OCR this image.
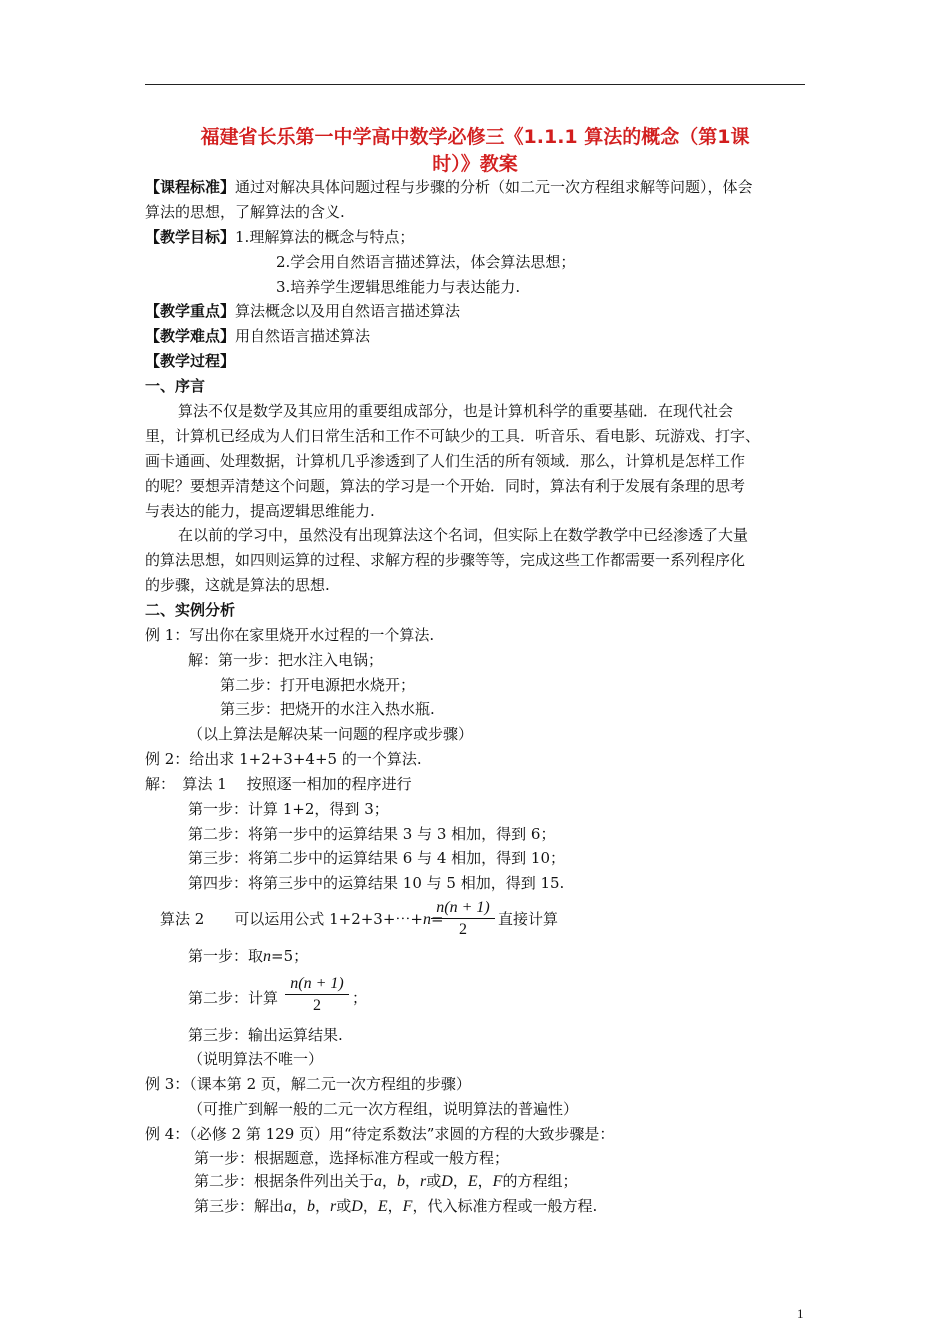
福建省长乐第一中学高中数学必修三《1.1.1 算法的概念（第1课
时）》教案
【课程标准】通过对解决具体问题过程与步骤的分析（如二元一次方程组求解等问题），体会
算法的思想，了解算法的含义.
【教学目标】1.理解算法的概念与特点；
2.学会用自然语言描述算法，体会算法思想；
3.培养学生逻辑思维能力与表达能力.
【教学重点】算法概念以及用自然语言描述算法
【教学难点】用自然语言描述算法
【教学过程】
一、序言
算法不仅是数学及其应用的重要组成部分，也是计算机科学的重要基础．在现代社会
里，计算机已经成为人们日常生活和工作不可缺少的工具．听音乐、看电影、玩游戏、打字、
画卡通画、处理数据，计算机几乎渗透到了人们生活的所有领域．那么，计算机是怎样工作
的呢？要想弄清楚这个问题，算法的学习是一个开始．同时，算法有利于发展有条理的思考
与表达的能力，提高逻辑思维能力.
在以前的学习中，虽然没有出现算法这个名词，但实际上在数学教学中已经渗透了大量
的算法思想，如四则运算的过程、求解方程的步骤等等，完成这些工作都需要一系列程序化
的步骤，这就是算法的思想.
二、实例分析
例 1：写出你在家里烧开水过程的一个算法.
解：第一步：把水注入电锅；
第二步：打开电源把水烧开；
第三步：把烧开的水注入热水瓶.
（以上算法是解决某一问题的程序或步骤）
例 2：给出求 1+2+3+4+5 的一个算法.
解：　算法 1　 按照逐一相加的程序进行
第一步：计算 1+2，得到 3；
第二步：将第一步中的运算结果 3 与 3 相加，得到 6；
第三步：将第二步中的运算结果 6 与 4 相加，得到 10；
第四步：将第三步中的运算结果 10 与 5 相加，得到 15.
算法 2　　可以运用公式 1+2+3+⋯+n=
n(n + 1)
2
直接计算
第一步：取n=5；
第二步：计算
n(n + 1)
2	；
第三步：输出运算结果.
（说明算法不唯一）
例 3：（课本第 2 页，解二元一次方程组的步骤）
（可推广到解一般的二元一次方程组，说明算法的普遍性）
例 4：（必修 2 第 129 页）用“待定系数法”求圆的方程的大致步骤是：
第一步：根据题意，选择标准方程或一般方程；
第二步：根据条件列出关于a，b，r或D，E，F的方程组；
第三步：解出a，b，r或D，E，F，代入标准方程或一般方程.
1
